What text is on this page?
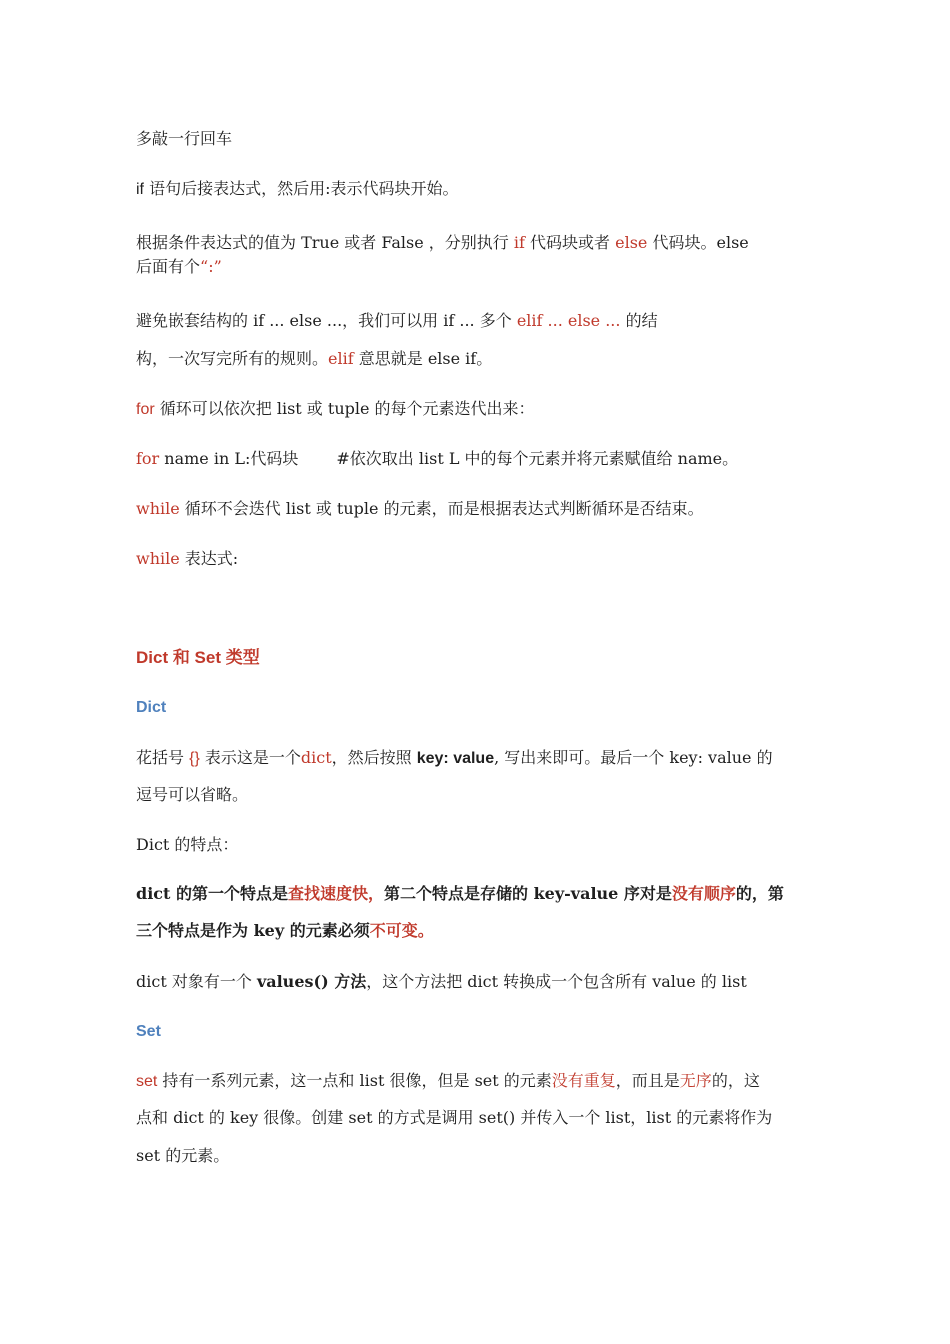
多敲一行回车

if 语句后接表达式，然后用:表示代码块开始。

根据条件表达式的值为 True 或者 False ，分别执行 if 代码块或者 else 代码块。else

后面有个“:”

避免嵌套结构的 if ... else ...，我们可以用 if ... 多个 elif ... else ... 的结

构，一次写完所有的规则。elif 意思就是 else if。

for 循环可以依次把 list 或 tuple 的每个元素迭代出来：

for name in L:代码块 #依次取出 list L 中的每个元素并将元素赋值给 name。

while 循环不会迭代 list 或 tuple 的元素，而是根据表达式判断循环是否结束。

while 表达式:

Dict 和 Set 类型
Dict

花括号 {} 表示这是一个dict，然后按照 key: value, 写出来即可。最后一个 key: value 的

逗号可以省略。

Dict 的特点：

dict 的第一个特点是查找速度快，第二个特点是存储的 key-value 序对是没有顺序的，第

三个特点是作为 key 的元素必须不可变。

dict 对象有一个 values() 方法，这个方法把 dict 转换成一个包含所有 value 的 list

Set

set 持有一系列元素，这一点和 list 很像，但是 set 的元素没有重复，而且是无序的，这

点和 dict 的 key 很像。创建 set 的方式是调用 set() 并传入一个 list，list 的元素将作为

set 的元素。
